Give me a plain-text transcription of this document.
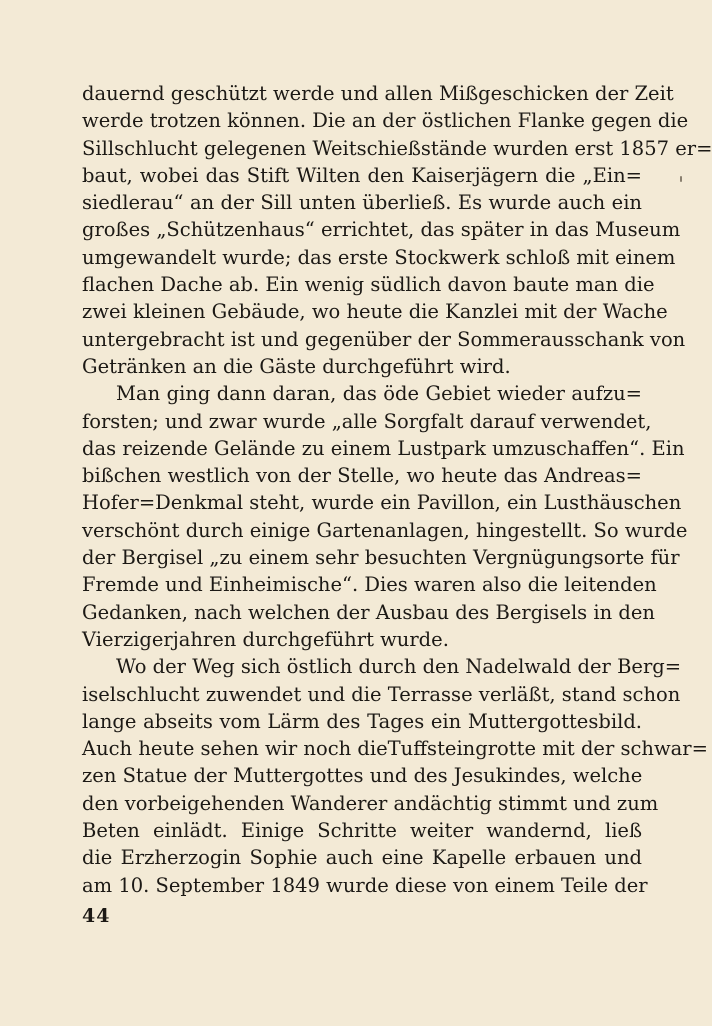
dauernd geschützt werde und allen Mißgeschicken der Zeit
werde trotzen können. Die an der östlichen Flanke gegen die
Sillschlucht gelegenen Weitschießstände wurden erst 1857 er=
baut, wobei das Stift Wilten den Kaiserjägern die „Ein=
siedlerau“ an der Sill unten überließ. Es wurde auch ein
großes „Schützenhaus“ errichtet, das später in das Museum
umgewandelt wurde; das erste Stockwerk schloß mit einem
flachen Dache ab. Ein wenig südlich davon baute man die
zwei kleinen Gebäude, wo heute die Kanzlei mit der Wache
untergebracht ist und gegenüber der Sommerausschank von
Getränken an die Gäste durchgeführt wird.
Man ging dann daran, das öde Gebiet wieder aufzu=
forsten; und zwar wurde „alle Sorgfalt darauf verwendet,
das reizende Gelände zu einem Lustpark umzuschaffen“. Ein
bißchen westlich von der Stelle, wo heute das Andreas=
Hofer=Denkmal steht, wurde ein Pavillon, ein Lusthäuschen
verschönt durch einige Gartenanlagen, hingestellt. So wurde
der Bergisel „zu einem sehr besuchten Vergnügungsorte für
Fremde und Einheimische“. Dies waren also die leitenden
Gedanken, nach welchen der Ausbau des Bergisels in den
Vierzigerjahren durchgeführt wurde.
Wo der Weg sich östlich durch den Nadelwald der Berg=
iselschlucht zuwendet und die Terrasse verläßt, stand schon
lange abseits vom Lärm des Tages ein Muttergottesbild.
Auch heute sehen wir noch dieTuffsteingrotte mit der schwar=
zen Statue der Muttergottes und des Jesukindes, welche
den vorbeigehenden Wanderer andächtig stimmt und zum
Beten einlädt. Einige Schritte weiter wandernd, ließ
die Erzherzogin Sophie auch eine Kapelle erbauen und
am 10. September 1849 wurde diese von einem Teile der
44
